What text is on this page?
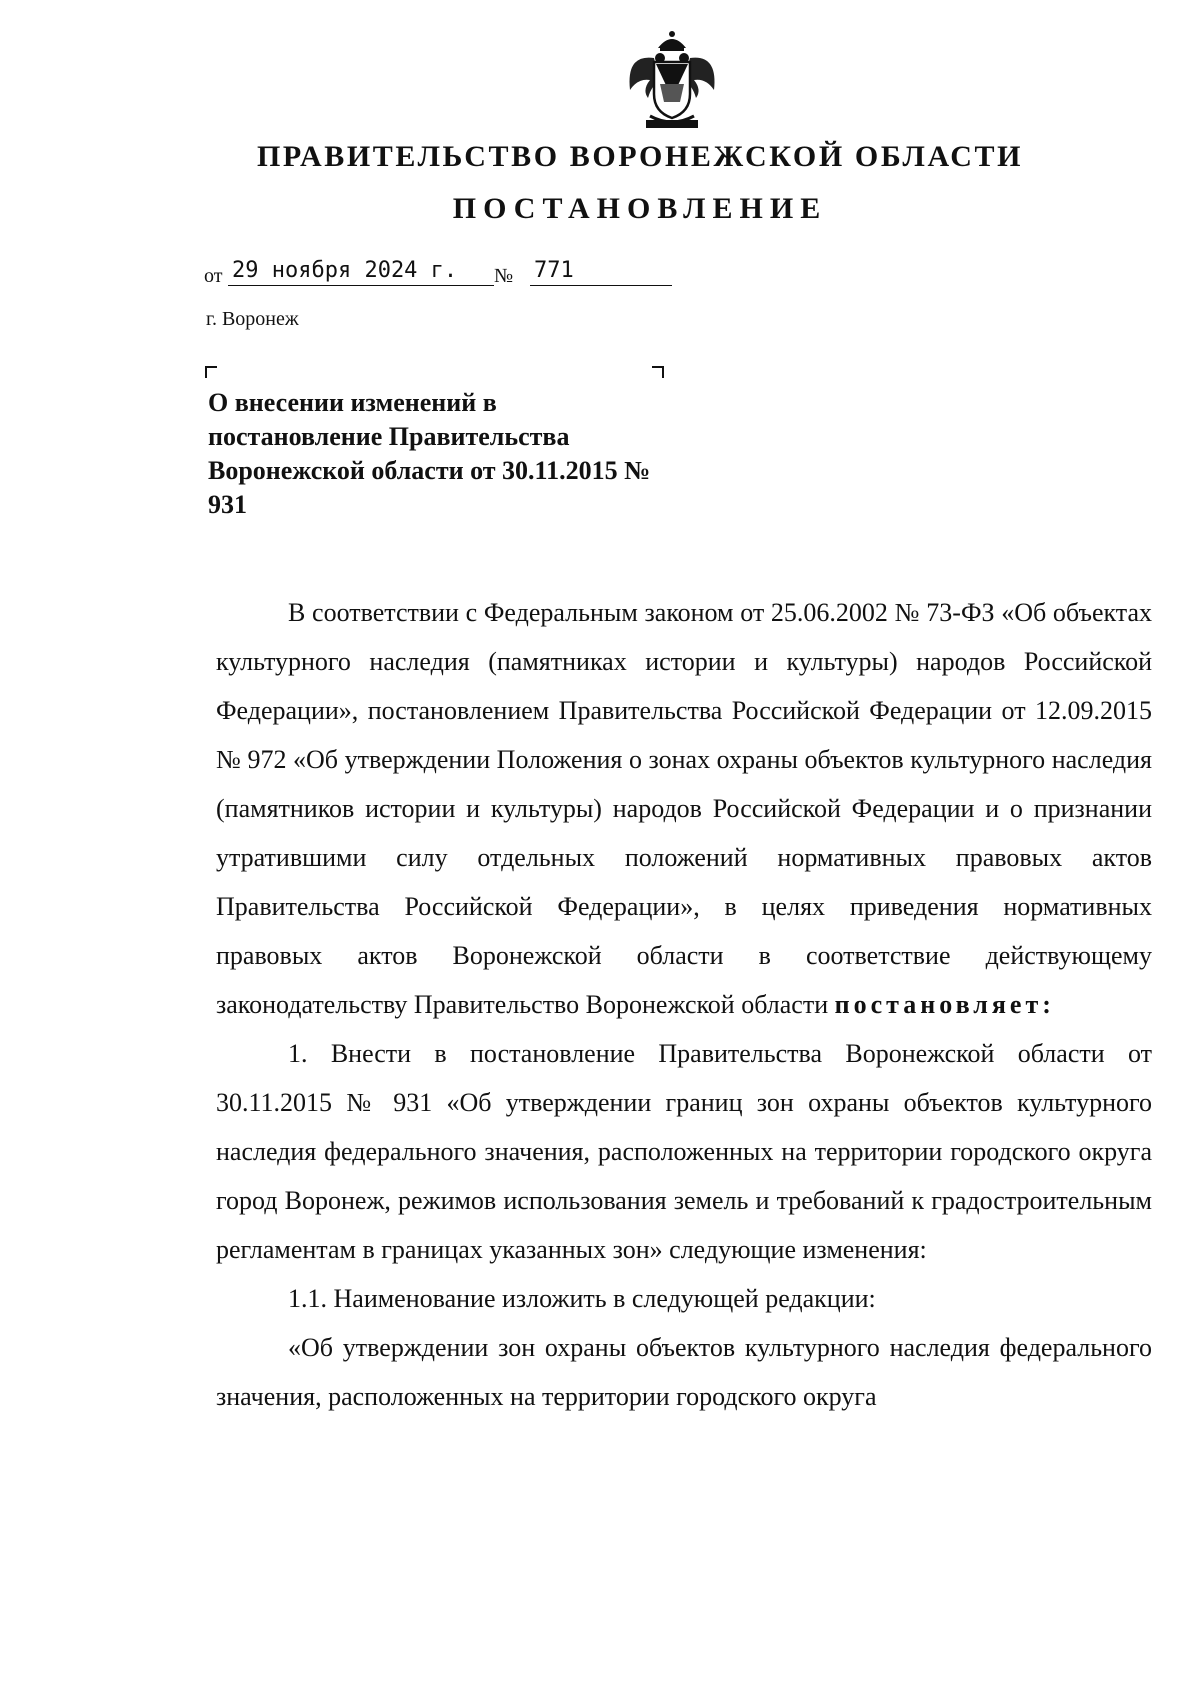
ПРАВИТЕЛЬСТВО ВОРОНЕЖСКОЙ ОБЛАСТИ
ПОСТАНОВЛЕНИЕ
от 29 ноября 2024 г.	№ 771
г. Воронеж
О внесении изменений в постановление Правительства Воронежской области от 30.11.2015 № 931

В соответствии с Федеральным законом от 25.06.2002 № 73-ФЗ «Об объектах культурного наследия (памятниках истории и культуры) народов Российской Федерации», постановлением Правительства Российской Федерации от 12.09.2015 № 972 «Об утверждении Положения о зонах охраны объектов культурного наследия (памятников истории и культуры) народов Российской Федерации и о признании утратившими силу отдельных положений нормативных правовых актов Правительства Российской Федерации», в целях приведения нормативных правовых актов Воронежской области в соответствие действующему законодательству Правительство Воронежской области постановляет:

1. Внести в постановление Правительства Воронежской области от 30.11.2015 № 931 «Об утверждении границ зон охраны объектов культурного наследия федерального значения, расположенных на территории городского округа город Воронеж, режимов использования земель и требований к градостроительным регламентам в границах указанных зон» следующие изменения:

1.1. Наименование изложить в следующей редакции:

«Об утверждении зон охраны объектов культурного наследия федерального значения, расположенных на территории городского округа
